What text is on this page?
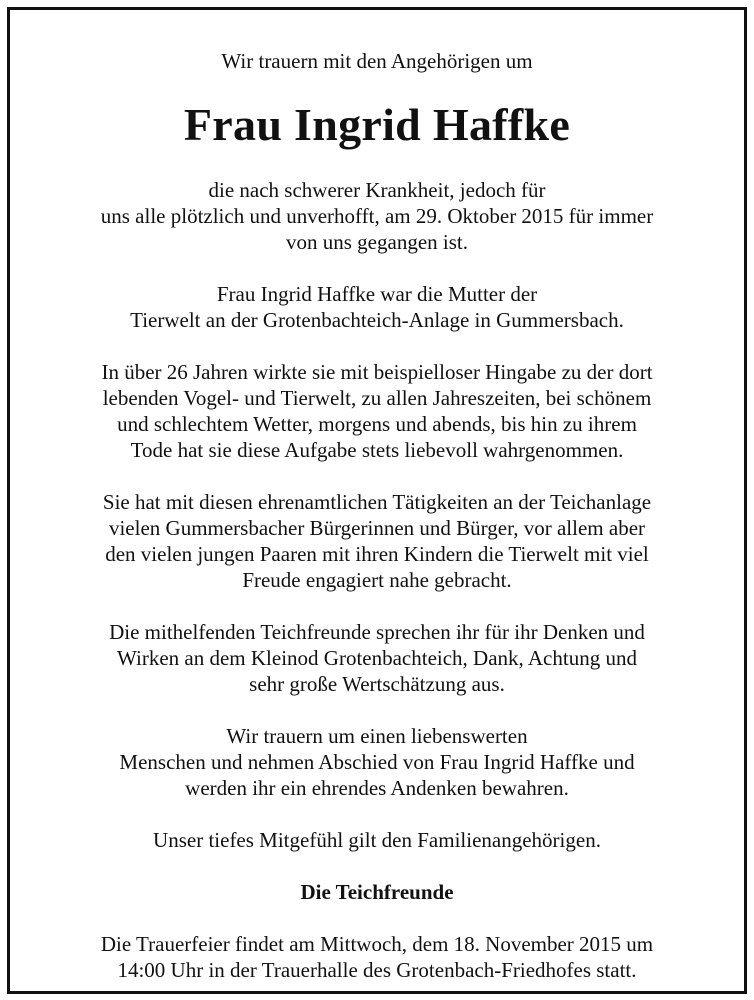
Wir trauern mit den Angehörigen um
Frau Ingrid Haffke
die nach schwerer Krankheit, jedoch für
uns alle plötzlich und unverhofft, am 29. Oktober 2015 für immer
von uns gegangen ist.
Frau Ingrid Haffke war die Mutter der
Tierwelt an der Grotenbachteich-Anlage in Gummersbach.
In über 26 Jahren wirkte sie mit beispielloser Hingabe zu der dort
lebenden Vogel- und Tierwelt, zu allen Jahreszeiten, bei schönem
und schlechtem Wetter, morgens und abends, bis hin zu ihrem
Tode hat sie diese Aufgabe stets liebevoll wahrgenommen.
Sie hat mit diesen ehrenamtlichen Tätigkeiten an der Teichanlage
vielen Gummersbacher Bürgerinnen und Bürger, vor allem aber
den vielen jungen Paaren mit ihren Kindern die Tierwelt mit viel
Freude engagiert nahe gebracht.
Die mithelfenden Teichfreunde sprechen ihr für ihr Denken und
Wirken an dem Kleinod Grotenbachteich, Dank, Achtung und
sehr große Wertschätzung aus.
Wir trauern um einen liebenswerten
Menschen und nehmen Abschied von Frau Ingrid Haffke und
werden ihr ein ehrendes Andenken bewahren.
Unser tiefes Mitgefühl gilt den Familienangehörigen.
Die Teichfreunde
Die Trauerfeier findet am Mittwoch, dem 18. November 2015 um
14:00 Uhr in der Trauerhalle des Grotenbach-Friedhofes statt.
